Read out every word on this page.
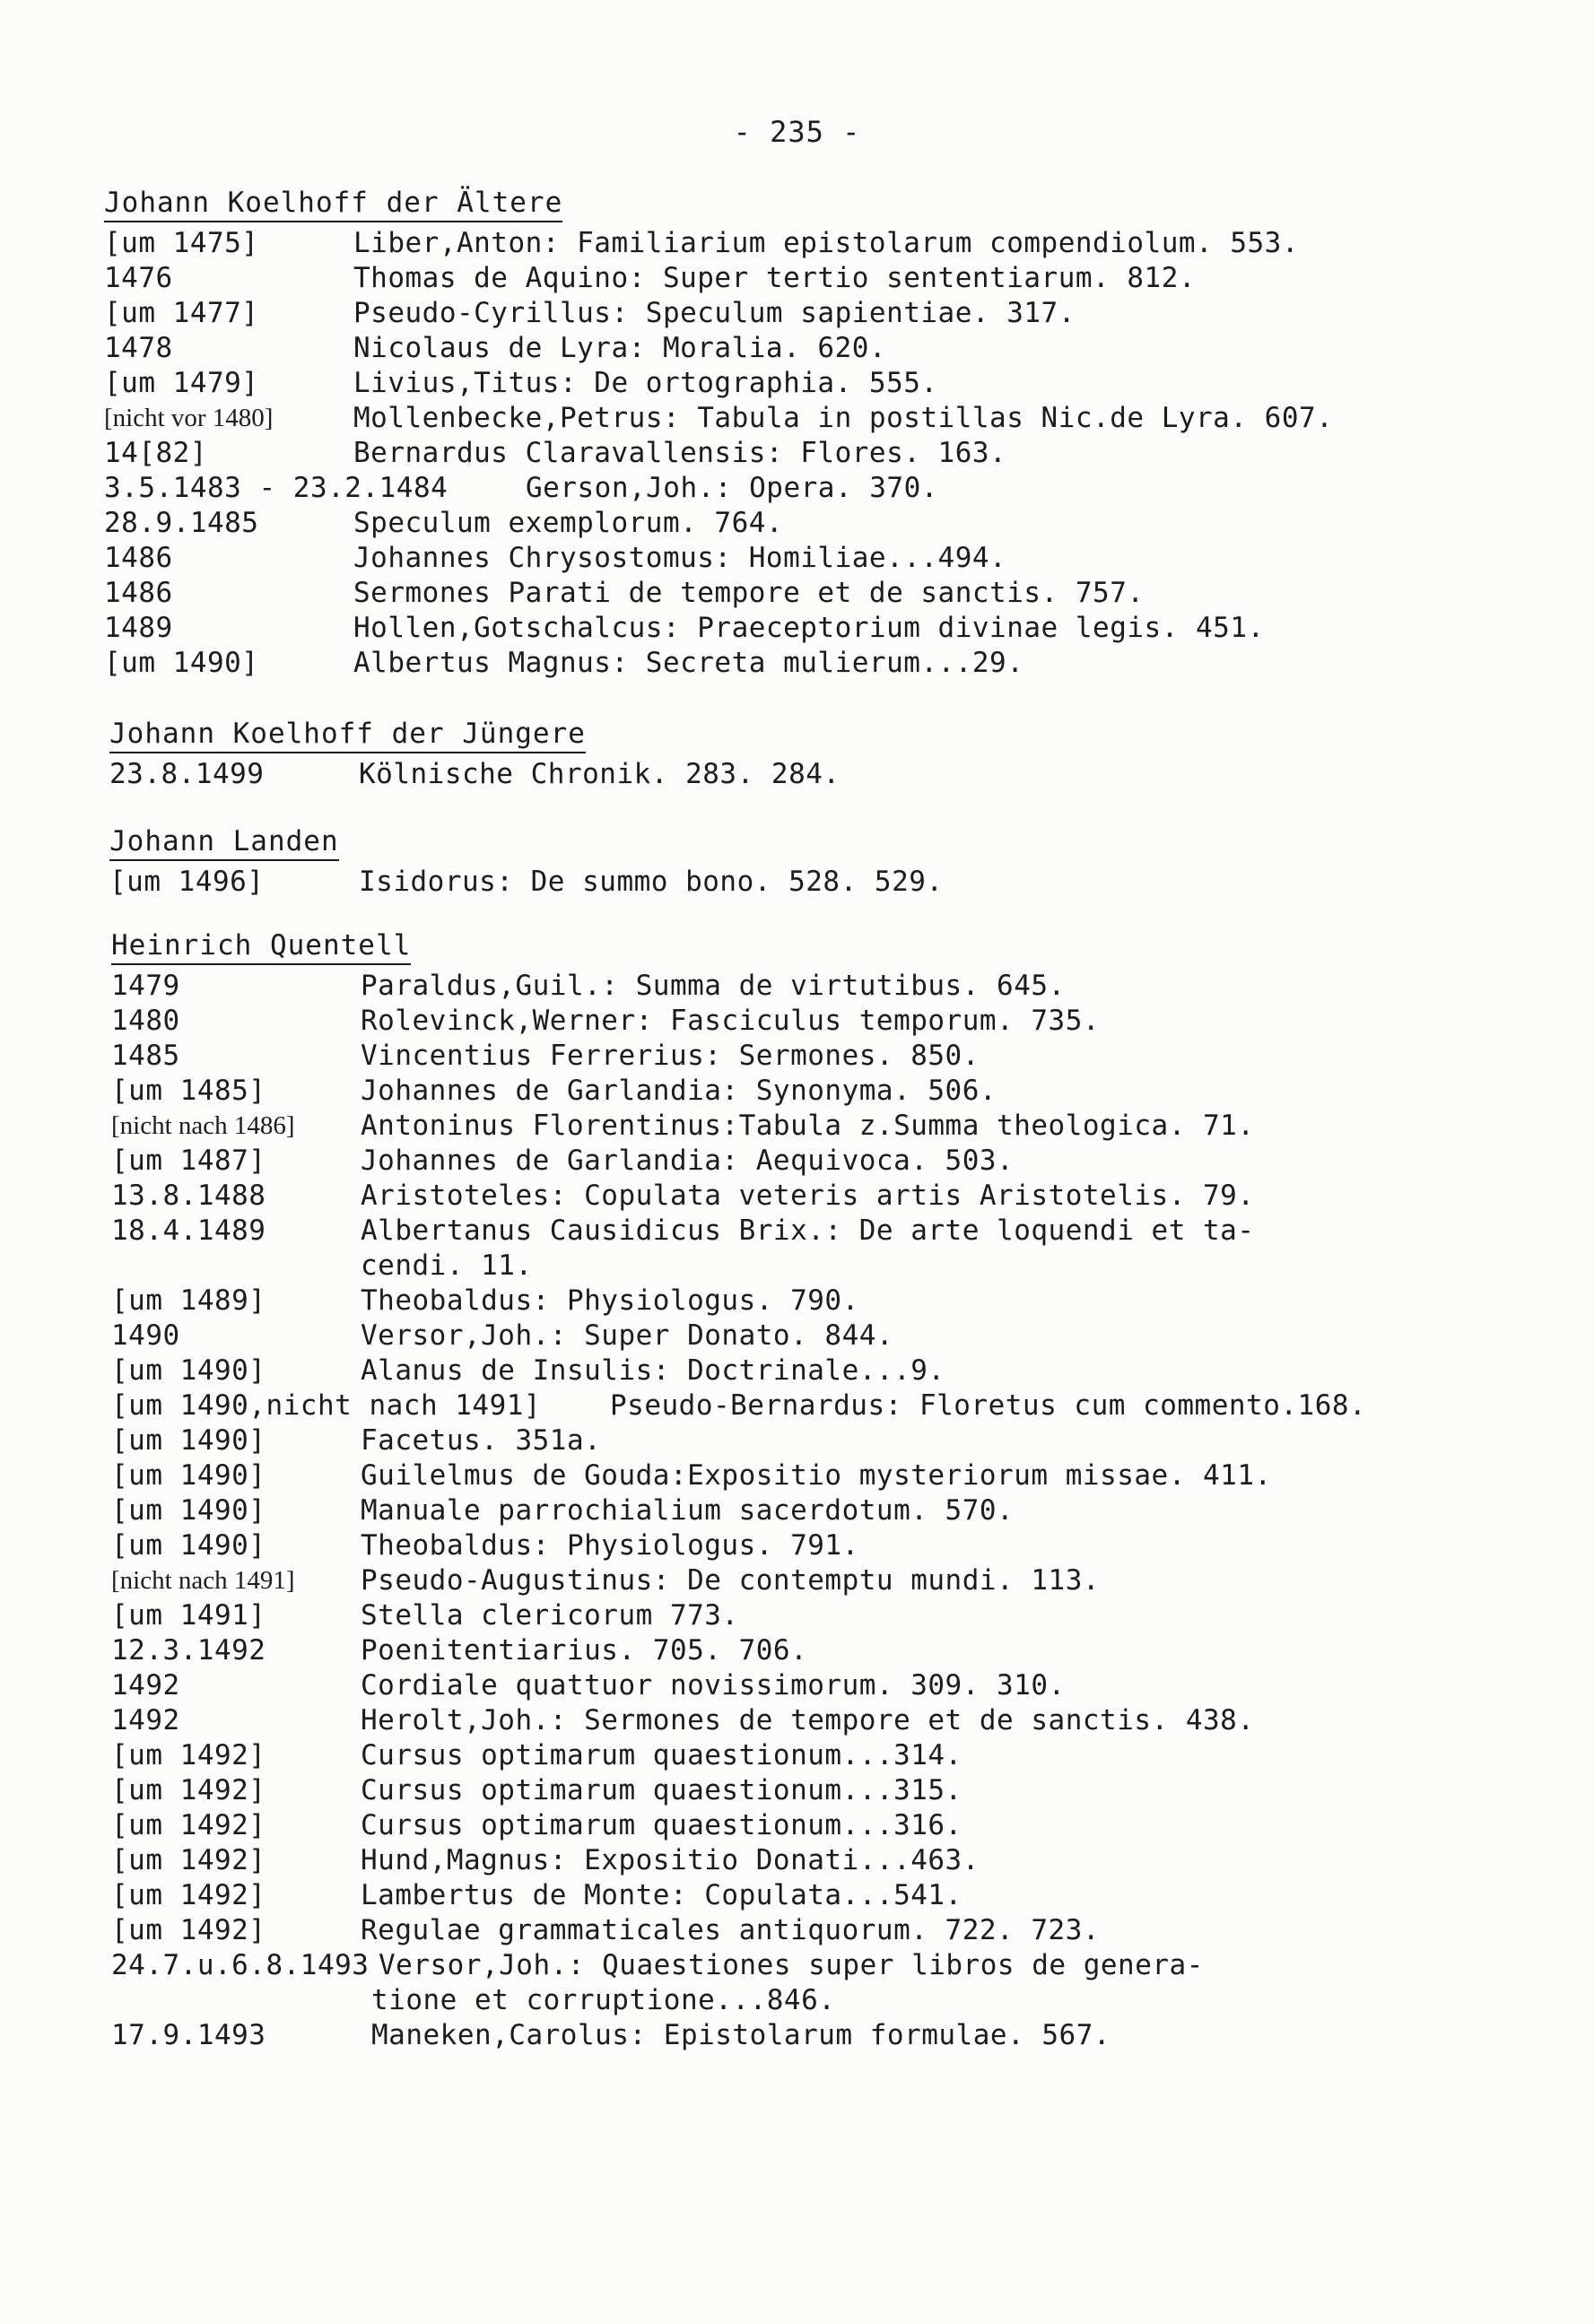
- 235 -
Johann Koelhoff der Ältere
[um 1475]	Liber,Anton: Familiarium epistolarum compendiolum. 553.
1476	Thomas de Aquino: Super tertio sententiarum. 812.
[um 1477]	Pseudo-Cyrillus: Speculum sapientiae. 317.
1478	Nicolaus de Lyra: Moralia. 620.
[um 1479]	Livius,Titus: De ortographia. 555.
[nicht vor 1480]	Mollenbecke,Petrus: Tabula in postillas Nic.de Lyra. 607.
14[82]	Bernardus Claravallensis: Flores. 163.
3.5.1483 - 23.2.1484	Gerson,Joh.: Opera. 370.
28.9.1485	Speculum exemplorum. 764.
1486	Johannes Chrysostomus: Homiliae...494.
1486	Sermones Parati de tempore et de sanctis. 757.
1489	Hollen,Gotschalcus: Praeceptorium divinae legis. 451.
[um 1490]	Albertus Magnus: Secreta mulierum...29.
Johann Koelhoff der Jüngere
23.8.1499	Kölnische Chronik. 283. 284.
Johann Landen
[um 1496]	Isidorus: De summo bono. 528. 529.
Heinrich Quentell
1479	Paraldus,Guil.: Summa de virtutibus. 645.
1480	Rolevinck,Werner: Fasciculus temporum. 735.
1485	Vincentius Ferrerius: Sermones. 850.
[um 1485]	Johannes de Garlandia: Synonyma. 506.
[nicht nach 1486] Antoninus Florentinus:Tabula z.Summa theologica. 71.
[um 1487]	Johannes de Garlandia: Aequivoca. 503.
13.8.1488	Aristoteles: Copulata veteris artis Aristotelis. 79.
18.4.1489	Albertanus Causidicus Brix.: De arte loquendi et ta-
cendi. 11.
[um 1489]	Theobaldus: Physiologus. 790.
1490	Versor,Joh.: Super Donato. 844.
[um 1490]	Alanus de Insulis: Doctrinale...9.
[um 1490,nicht nach 1491] Pseudo-Bernardus: Floretus cum commento.168.
[um 1490]	Facetus. 351a.
[um 1490]	Guilelmus de Gouda:Expositio mysteriorum missae. 411.
[um 1490]	Manuale parrochialium sacerdotum. 570.
[um 1490]	Theobaldus: Physiologus. 791.
[nicht nach 1491] Pseudo-Augustinus: De contemptu mundi. 113.
[um 1491]	Stella clericorum 773.
12.3.1492	Poenitentiarius. 705. 706.
1492	Cordiale quattuor novissimorum. 309. 310.
1492	Herolt,Joh.: Sermones de tempore et de sanctis. 438.
[um 1492]	Cursus optimarum quaestionum...314.
[um 1492]	Cursus optimarum quaestionum...315.
[um 1492]	Cursus optimarum quaestionum...316.
[um 1492]	Hund,Magnus: Expositio Donati...463.
[um 1492]	Lambertus de Monte: Copulata...541.
[um 1492]	Regulae grammaticales antiquorum. 722. 723.
24.7.u.6.8.1493 Versor,Joh.: Quaestiones super libros de genera-
tione et corruptione...846.
17.9.1493	Maneken,Carolus: Epistolarum formulae. 567.
